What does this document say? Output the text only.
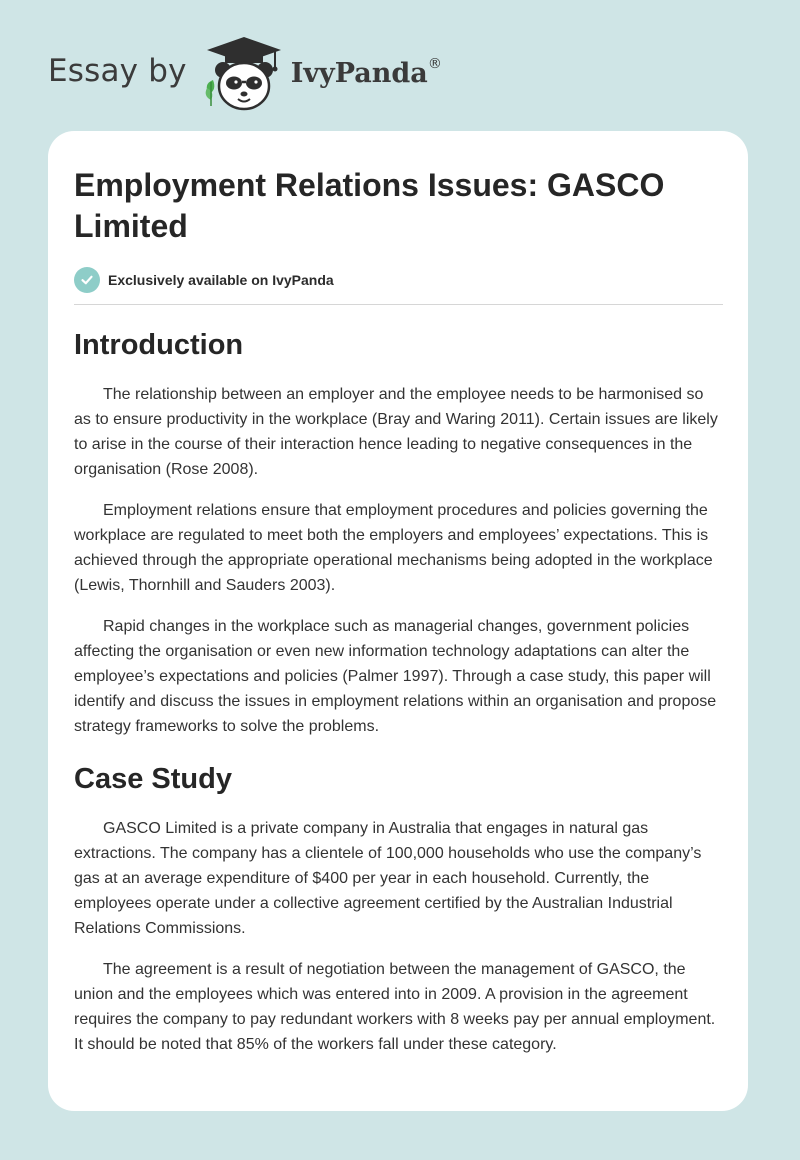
Essay by	IvyPanda®
Employment Relations Issues: GASCO Limited
Exclusively available on IvyPanda
Introduction

The relationship between an employer and the employee needs to be harmonised so as to ensure productivity in the workplace (Bray and Waring 2011). Certain issues are likely to arise in the course of their interaction hence leading to negative consequences in the organisation (Rose 2008).

Employment relations ensure that employment procedures and policies governing the workplace are regulated to meet both the employers and employees’ expectations. This is achieved through the appropriate operational mechanisms being adopted in the workplace (Lewis, Thornhill and Sauders 2003).

Rapid changes in the workplace such as managerial changes, government policies affecting the organisation or even new information technology adaptations can alter the employee’s expectations and policies (Palmer 1997). Through a case study, this paper will identify and discuss the issues in employment relations within an organisation and propose strategy frameworks to solve the problems.

Case Study

GASCO Limited is a private company in Australia that engages in natural gas extractions. The company has a clientele of 100,000 households who use the company’s gas at an average expenditure of $400 per year in each household. Currently, the employees operate under a collective agreement certified by the Australian Industrial Relations Commissions.

The agreement is a result of negotiation between the management of GASCO, the union and the employees which was entered into in 2009. A provision in the agreement requires the company to pay redundant workers with 8 weeks pay per annual employment. It should be noted that 85% of the workers fall under these category.
